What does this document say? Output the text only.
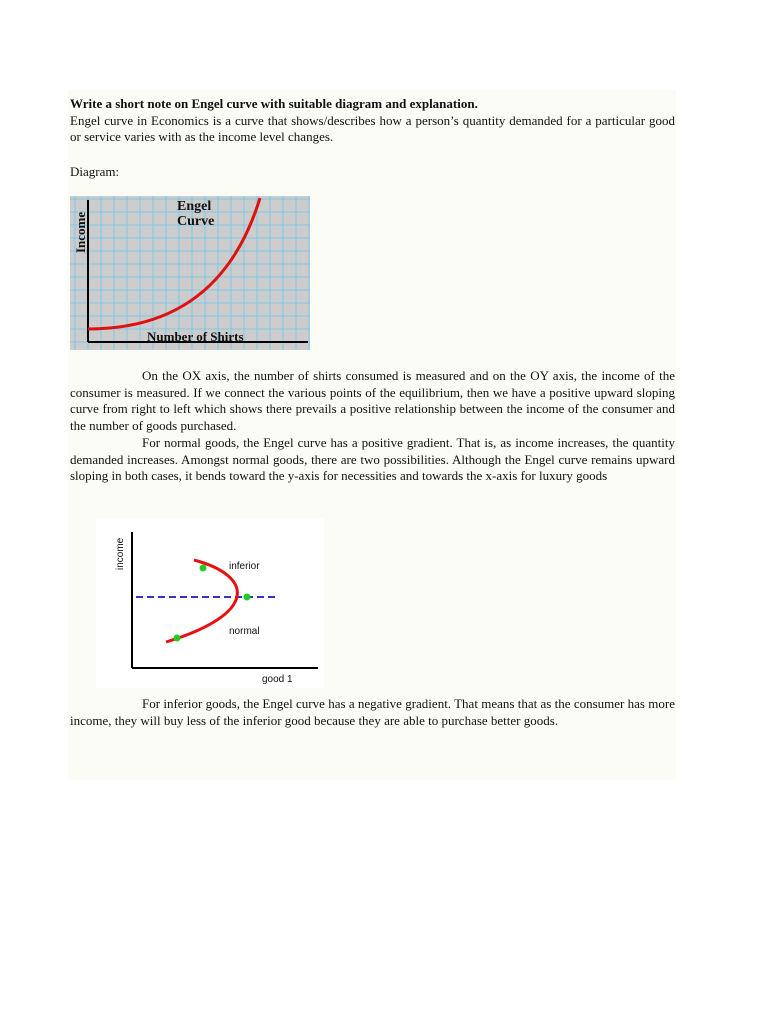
Write a short note on Engel curve with suitable diagram and explanation.
Engel curve in Economics is a curve that shows/describes how a person’s quantity demanded for a particular good or service varies with as the income level changes.
Diagram:
Engel
Curve
Income
Number of Shirts
On the OX axis, the number of shirts consumed is measured and on the OY axis, the income of the consumer is measured. If we connect the various points of the equilibrium, then we have a positive upward sloping curve from right to left which shows there prevails a positive relationship between the income of the consumer and the number of goods purchased.
For normal goods, the Engel curve has a positive gradient. That is, as income increases, the quantity demanded increases. Amongst normal goods, there are two possibilities. Although the Engel curve remains upward sloping in both cases, it bends toward the y-axis for necessities and towards the x-axis for luxury goods
income	inferior
normal
good 1
For inferior goods, the Engel curve has a negative gradient. That means that as the consumer has more income, they will buy less of the inferior good because they are able to purchase better goods.
